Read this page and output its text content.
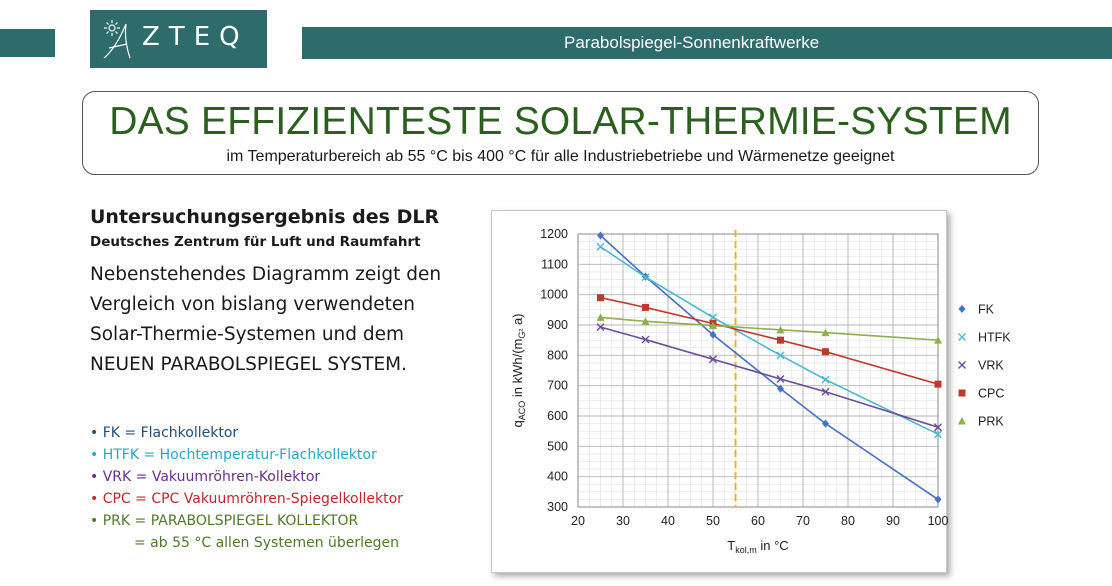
ZTEQ	Parabolspiegel-Sonnenkraftwerke
DAS EFFIZIENTESTE SOLAR-THERMIE-SYSTEM
im Temperaturbereich ab 55 °C bis 400 °C für alle Industriebetriebe und Wärmenetze geeignet

Untersuchungsergebnis des DLR

Deutsches Zentrum für Luft und Raumfahrt

Nebenstehendes Diagramm zeigt den
Vergleich von bislang verwendeten
Solar-Thermie-Systemen und dem
NEUEN PARABOLSPIEGEL SYSTEM.

• FK = Flachkollektor
• HTFK = Hochtemperatur-Flachkollektor
• VRK = Vakuumröhren-Kollektor
• CPC = CPC Vakuumröhren-Spiegelkollektor
• PRK = PARABOLSPIEGEL KOLLEKTOR
= ab 55 °C allen Systemen überlegen
20 30 40 50 60 70 80 90 100
300
400
500
600
700
800
900
1000
1100
1200
$T_{kol,m}$ in °C
$q_{ACO}$ in kWh/($m_{G^2}$ a)
FK
HTFK
VRK
CPC
PRK
